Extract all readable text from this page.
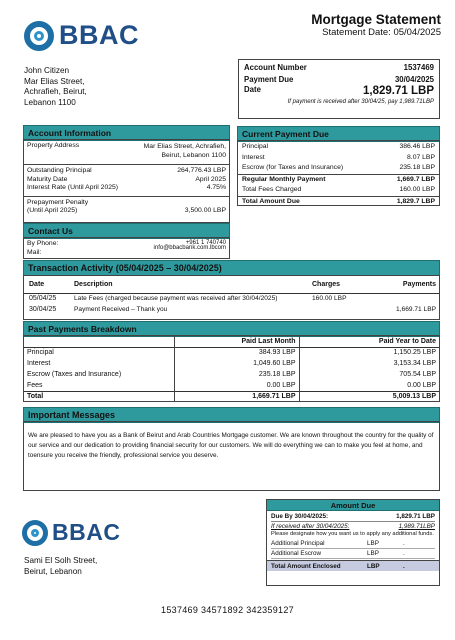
BBAC
Mortgage Statement
Statement Date: 05/04/2025
John Citizen
Mar Elias Street,
Achrafieh, Beirut,
Lebanon 1100
Account Number	1537469
Payment Due	30/04/2025
Date	1,829.71 LBP
If payment is received after 30/04/25, pay 1,989.71LBP
Account Information
Property Address	Mar Elias Street, Achrafieh,
Beirut, Lebanon 1100
Outstanding Principal	264,776.43 LBP
Maturity Date	April 2025
Interest Rate (Until April 2025)	4.75%
Prepayment Penalty
(Until April 2025)	3,500.00 LBP
Contact Us
By Phone:	+961 1 740740
Mail:
info@bbacbank.com.lbcom
Current Payment Due
Principal	386.46 LBP
Interest	8.07 LBP
Escrow (for Taxes and Insurance)	235.18 LBP
Regular Monthly Payment	1,669.7 LBP
Total Fees Charged	160.00 LBP
Total Amount Due	1,829.7 LBP
Transaction Activity (05/04/2025 – 30/04/2025)
Date	Description	Charges	Payments
05/04/25	Late Fees (charged because payment was received after 30/04/2025)	160.00 LBP	
30/04/25	Payment Received – Thank you		1,669.71 LBP
Past Payments Breakdown
	Paid Last Month	Paid Year to Date
Principal	384.93 LBP	1,150.25 LBP
Interest	1,049.60 LBP	3,153.34 LBP
Escrow (Taxes and Insurance)	235.18 LBP	705.54 LBP
Fees	0.00 LBP	0.00 LBP
Total	1,669.71 LBP	5,009.13 LBP
Important Messages
We are pleased to have you as a Bank of Beirut and Arab Countries Mortgage customer. We are known throughout the country for the quality of our service and our dedication to providing financial security for our customers. We will do everything we can to make you feel at home, and toensure you receive the friendly, professional service you deserve.
BBAC
Sami El Solh Street,
Beirut, Lebanon
Amount Due
Due By 30/04/2025:	1,829.71 LBP
If received after 30/04/2025:	1,989.71LBP
Please designate how you want us to apply any additional funds.
Additional Principal	LBP	.
Additional Escrow	LBP	.
Total Amount Enclosed	LBP	.
1537469 34571892 342359127
